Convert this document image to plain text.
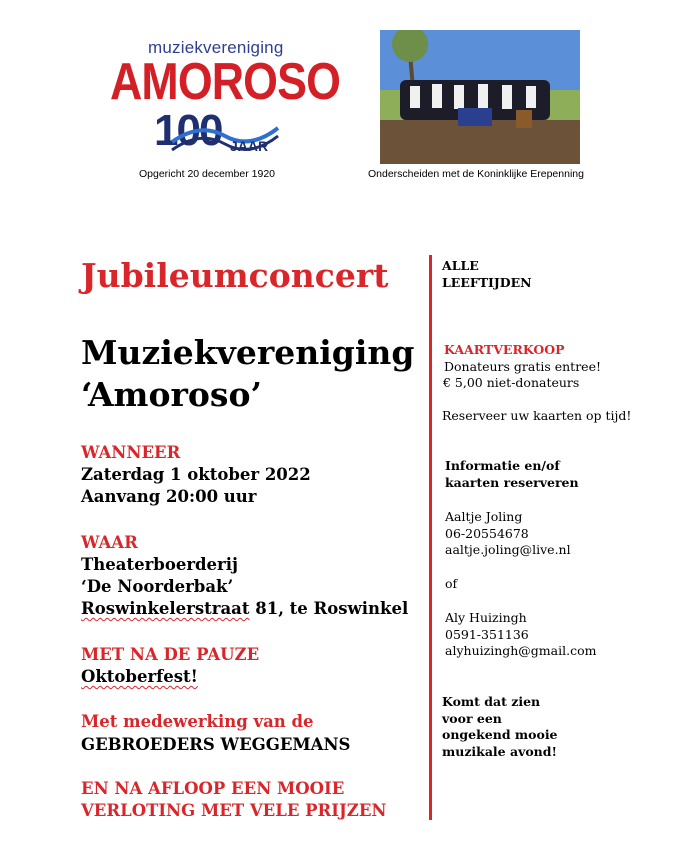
muziekvereniging
AMOROSO
100 JAAR
Opgericht 20 december 1920	Onderscheiden met de Koninklijke Erepenning
Jubileumconcert
Muziekvereniging
‘Amoroso’
WANNEER
Zaterdag 1 oktober 2022
Aanvang 20:00 uur
WAAR
Theaterboerderij
‘De Noorderbak’
Roswinkelerstraat 81, te Roswinkel
MET NA DE PAUZE
Oktoberfest!
Met medewerking van de
GEBROEDERS WEGGEMANS
EN NA AFLOOP EEN MOOIE
VERLOTING MET VELE PRIJZEN
ALLE
LEEFTIJDEN
KAARTVERKOOP
Donateurs gratis entree!
€ 5,00 niet-donateurs
Reserveer uw kaarten op tijd!
Informatie en/of
kaarten reserveren
Aaltje Joling
06-20554678
aaltje.joling@live.nl
of
Aly Huizingh
0591-351136
alyhuizingh@gmail.com
Komt dat zien
voor een
ongekend mooie
muzikale avond!
